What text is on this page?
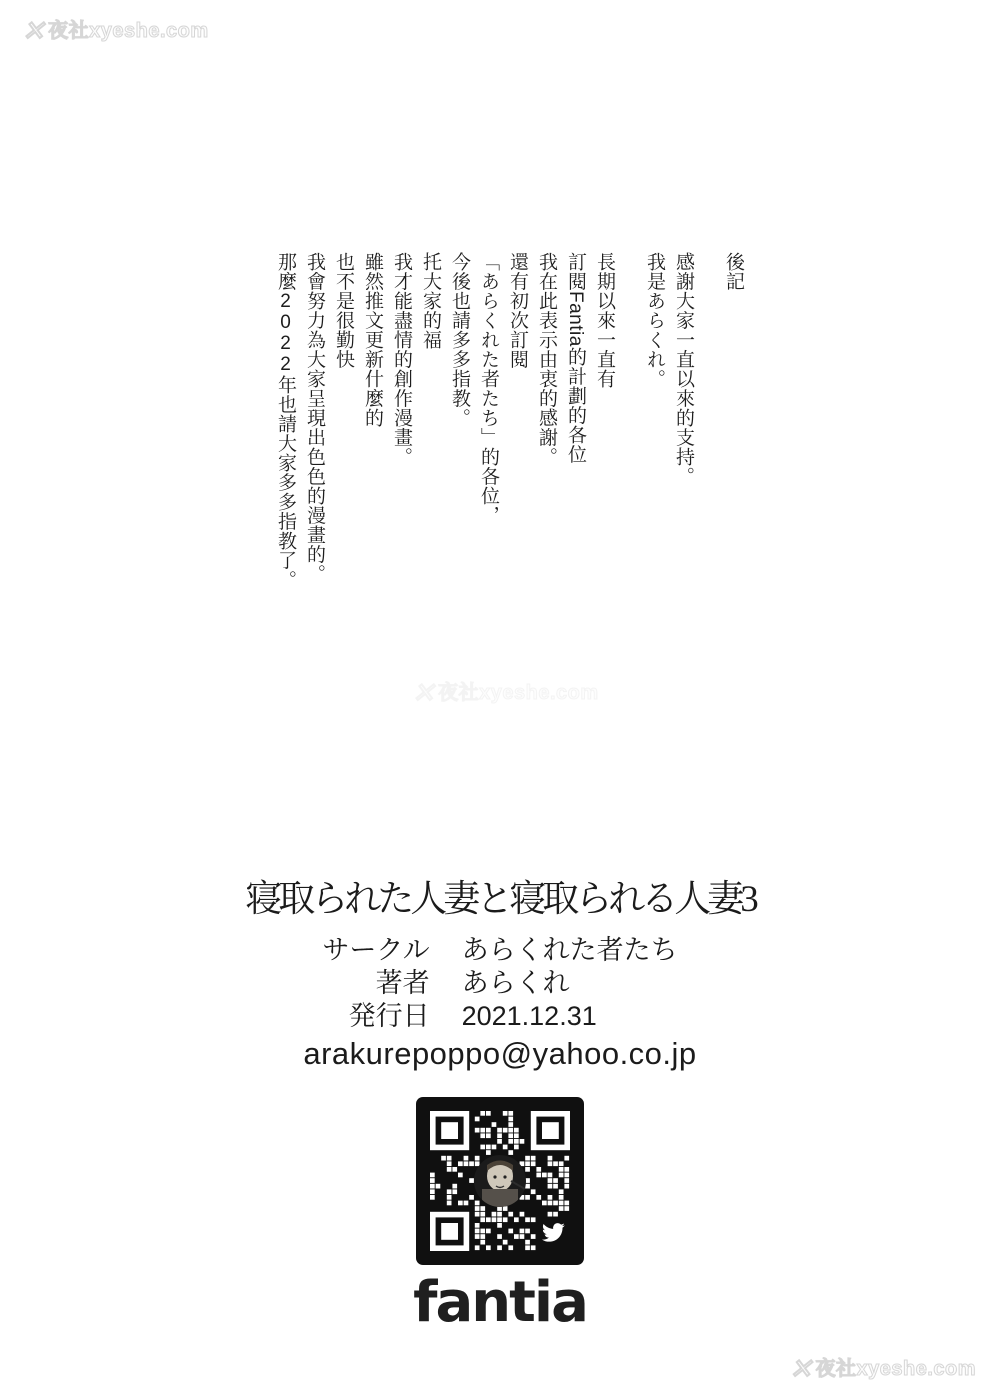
✕ 夜社xyeshe.com
✕ 夜社xyeshe.com
後記
感謝大家一直以來的支持。
我是あらくれ。
長期以來一直有
訂閱Fantia的計劃的各位
我在此表示由衷的感謝。
還有初次訂閱
「あらくれた者たち」的各位，
今後也請多多指教。
托大家的福
我才能盡情的創作漫畫。
雖然推文更新什麼的
也不是很勤快
我會努力為大家呈現出色色的漫畫的。
那麼2022年也請大家多多指教了。
寝取られた人妻と寝取られる人妻3
サークル あらくれた者たち
著者 あらくれ
発行日 2021.12.31
arakurepoppo@yahoo.co.jp
fantia
✕ 夜社xyeshe.com
